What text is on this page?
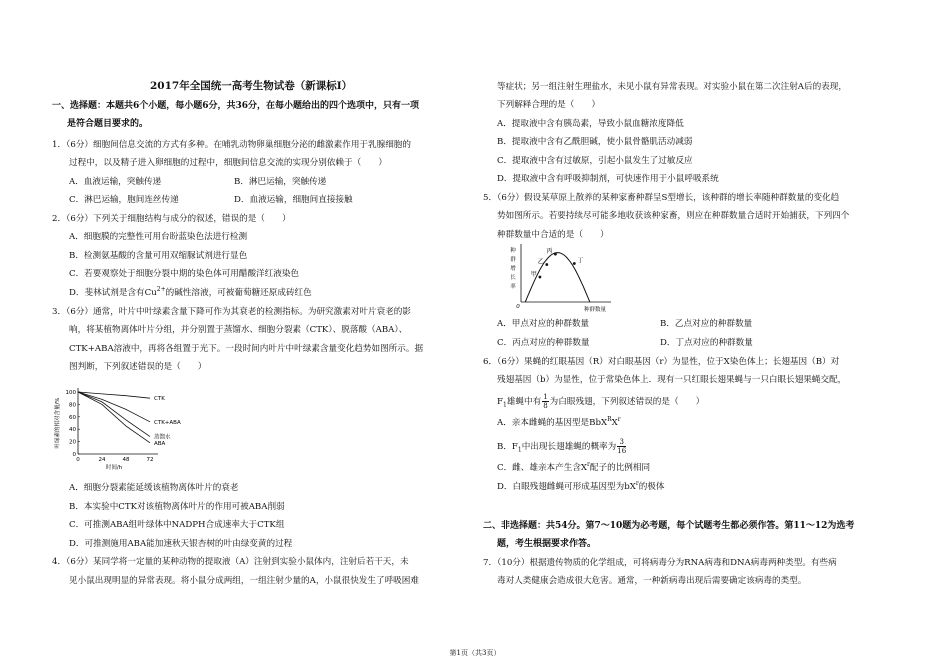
2017年全国统一高考生物试卷（新课标I）
一、选择题：本题共6个小题，每小题6分，共36分，在每小题给出的四个选项中，只有一项
是符合题目要求的。
1．（6分）细胞间信息交流的方式有多种。在哺乳动物卵巢细胞分泌的雌激素作用于乳腺细胞的
过程中，以及精子进入卵细胞的过程中，细胞间信息交流的实现分别依赖于（　　）
A．血液运输，突触传递	B．淋巴运输，突触传递
C．淋巴运输，胞间连丝传递	D．血液运输，细胞间直接接触
2．（6分）下列关于细胞结构与成分的叙述，错误的是（　　）
A．细胞膜的完整性可用台盼蓝染色法进行检测
B．检测氨基酸的含量可用双缩脲试剂进行显色
C．若要观察处于细胞分裂中期的染色体可用醋酸洋红液染色
D．斐林试剂是含有$Cu^{2+}$的碱性溶液，可被葡萄糖还原成砖红色
3．（6分）通常，叶片中叶绿素含量下降可作为其衰老的检测指标。为研究激素对叶片衰老的影
响，将某植物离体叶片分组，并分别置于蒸馏水、细胞分裂素（CTK）、脱落酸（ABA）、
CTK+ABA溶液中，再将各组置于光下。一段时间内叶片中叶绿素含量变化趋势如图所示。据
图判断，下列叙述错误的是（　　）
100
80
60
40
20
0
0	24	48	72
时间/h
叶绿素的相对含量/%	CTK
CTK+ABA
蒸馏水
ABA
A．细胞分裂素能延缓该植物离体叶片的衰老
B．本实验中CTK对该植物离体叶片的作用可被ABA削弱
C．可推测ABA组叶绿体中NADPH合成速率大于CTK组
D．可推测施用ABA能加速秋天银杏树的叶由绿变黄的过程
4．（6分）某同学将一定量的某种动物的提取液（A）注射到实验小鼠体内，注射后若干天，未
见小鼠出现明显的异常表现。将小鼠分成两组，一组注射少量的A，小鼠很快发生了呼吸困难
等症状；另一组注射生理盐水，未见小鼠有异常表现。对实验小鼠在第二次注射A后的表现，
下列解释合理的是（　　）
A．提取液中含有胰岛素，导致小鼠血糖浓度降低
B．提取液中含有乙酰胆碱，使小鼠骨骼肌活动减弱
C．提取液中含有过敏原，引起小鼠发生了过敏反应
D．提取液中含有呼吸抑制剂，可快速作用于小鼠呼吸系统
5．（6分）假设某草原上散养的某种家畜种群呈S型增长，该种群的增长率随种群数量的变化趋
势如图所示。若要持续尽可能多地收获该种家畜，则应在种群数量合适时开始捕获，下列四个
种群数量中合适的是（　　）
0	种群数量
种
群
增
长
率
甲
乙
丙
丁
A．甲点对应的种群数量	B．乙点对应的种群数量
C．丙点对应的种群数量	D．丁点对应的种群数量
6．（6分）果蝇的红眼基因（R）对白眼基因（r）为显性，位于X染色体上；长翅基因（B）对
残翅基因（b）为显性，位于常染色体上．现有一只红眼长翅果蝇与一只白眼长翅果蝇交配，
$F_1$雄蝇中有 $\frac{1}{8}$ 为白眼残翅，下列叙述错误的是（　　）
A．亲本雌蝇的基因型是$BbX^RX^r$
B．$F_1$中出现长翅雄蝇的概率为 $\frac{3}{16}$
C．雌、雄亲本产生含$X^r$配子的比例相同
D．白眼残翅雌蝇可形成基因型为$bX^r$的极体
二、非选择题：共54分。第7～10题为必考题，每个试题考生都必须作答。第11～12为选考
题，考生根据要求作答。
7．（10分）根据遗传物质的化学组成，可将病毒分为RNA病毒和DNA病毒两种类型。有些病
毒对人类健康会造成很大危害。通常，一种新病毒出现后需要确定该病毒的类型。
第1页（共3页）
